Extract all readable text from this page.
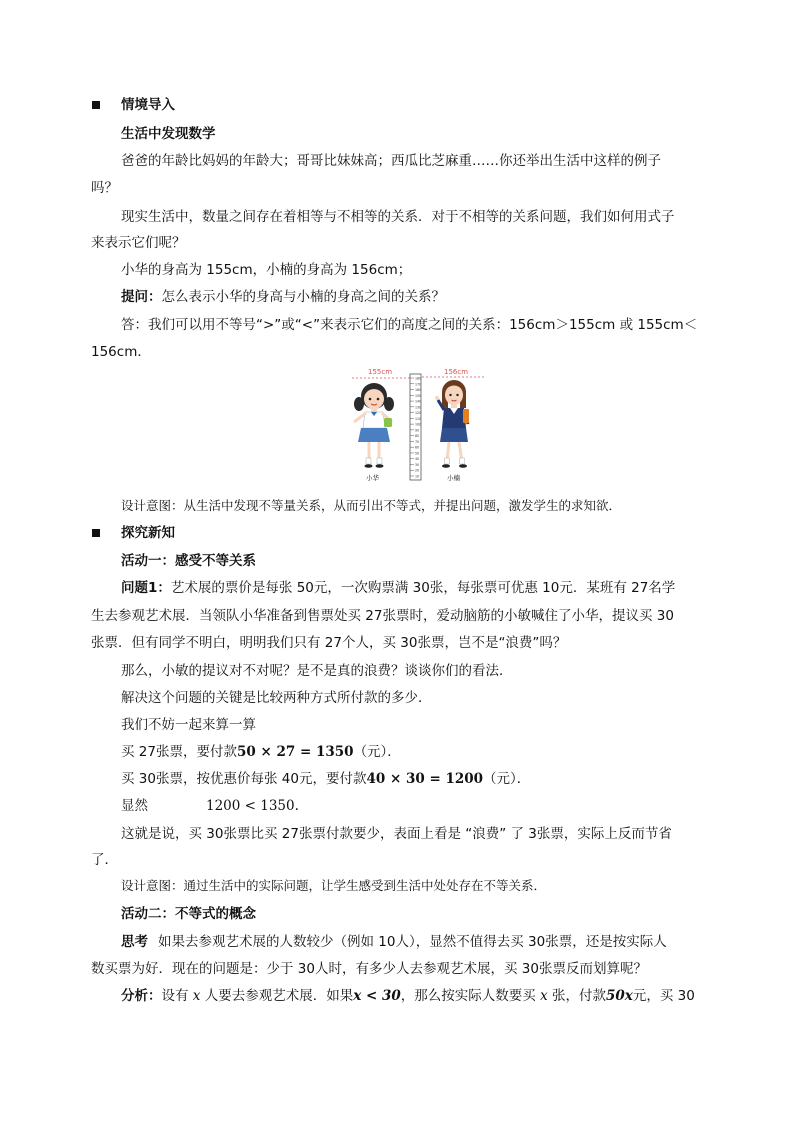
情境导入
生活中发现数学
爸爸的年龄比妈妈的年龄大；哥哥比妹妹高；西瓜比芝麻重……你还举出生活中这样的例子
吗？
现实生活中，数量之间存在着相等与不相等的关系．对于不相等的关系问题，我们如何用式子
来表示它们呢？
小华的身高为 155cm，小楠的身高为 156cm；
提问：怎么表示小华的身高与小楠的身高之间的关系？
答：我们可以用不等号“>”或“<”来表示它们的高度之间的关系：156cm＞155cm 或 155cm＜
156cm．
155cm	156cm
180
170
160
150
140
130
120
110
100
90
80
70
60
50
40
30
20
10
小华	小楠
设计意图：从生活中发现不等量关系，从而引出不等式，并提出问题，激发学生的求知欲．
探究新知
活动一：感受不等关系
问题1：艺术展的票价是每张 50元，一次购票满 30张，每张票可优惠 10元．某班有 27名学
生去参观艺术展．当领队小华准备到售票处买 27张票时，爱动脑筋的小敏喊住了小华，提议买 30
张票．但有同学不明白，明明我们只有 27个人，买 30张票，岂不是“浪费”吗？
那么，小敏的提议对不对呢？是不是真的浪费？谈谈你们的看法．
解决这个问题的关键是比较两种方式所付款的多少．
我们不妨一起来算一算
买 27张票，要付款50 × 27 = 1350（元）．
买 30张票，按优惠价每张 40元，要付款40 × 30 = 1200（元）．
显然	1200 < 1350.
这就是说，买 30张票比买 27张票付款要少，表面上看是 “浪费” 了 3张票，实际上反而节省
了．
设计意图：通过生活中的实际问题，让学生感受到生活中处处存在不等关系．
活动二：不等式的概念
思考 如果去参观艺术展的人数较少（例如 10人），显然不值得去买 30张票，还是按实际人
数买票为好．现在的问题是：少于 30人时，有多少人去参观艺术展，买 30张票反而划算呢？
分析：设有 x 人要去参观艺术展．如果x < 30，那么按实际人数要买 x 张，付款50x元，买 30
